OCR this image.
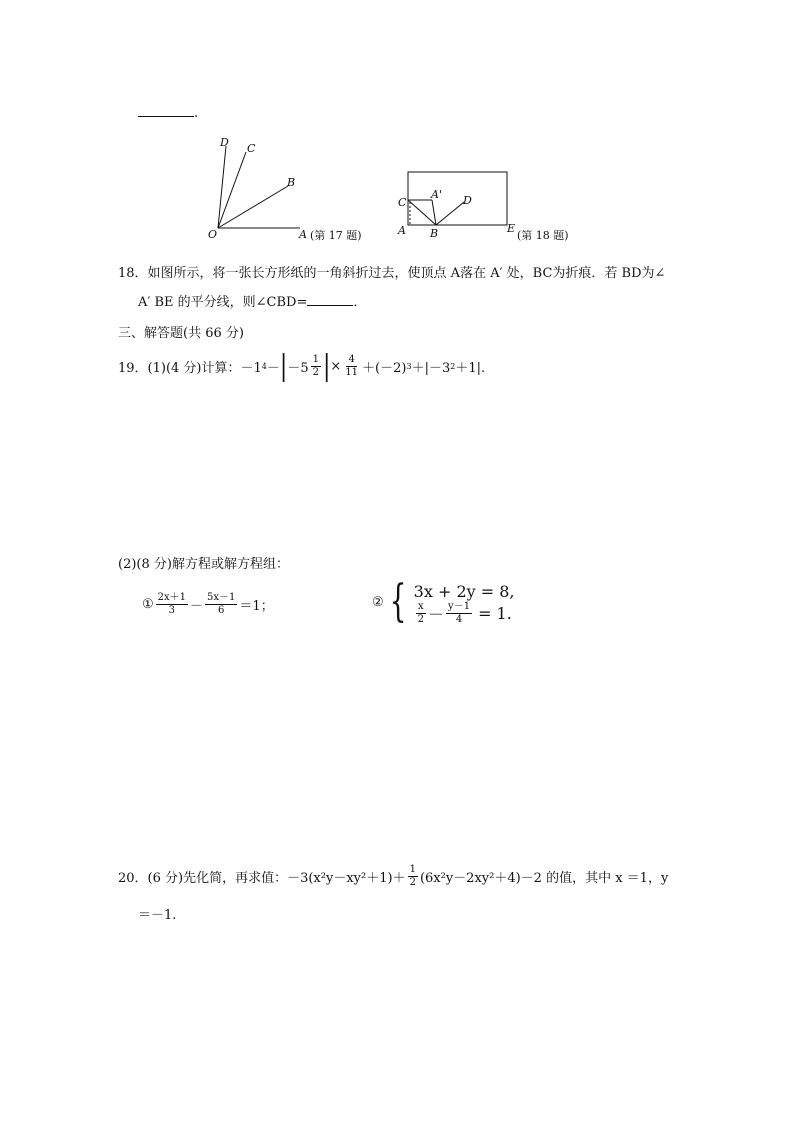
.
D C
B
O	A (第 17 题)
C
A' D
A B	E
(第 18 题)
18．如图所示，将一张长方形纸的一角斜折过去，使顶点 A落在 A′ 处，BC为折痕．若 BD为∠
A′ BE 的平分线，则∠CBD=	．
三、解答题(共 66 分)
19．(1)(4 分)计算： －1 4 － | $-5 \frac{1}{2}$ | × $\frac{4}{11} +(-2)$ 3 ＋|－3 2 ＋1|.
(2)(8 分)解方程或解方程组：
① $\frac{2x+1}{3} - \frac{5x-1}{6} =1$；	② { 3x + 2y = 8,
$\frac{x}{2} - \frac{y-1}{4} = 1$.
20．(6 分)先化简，再求值：$-3(x^2y-xy^2+1)+ \frac{1}{2} (6x^2y-2xy^2+4)-2$ 的值，其中 x ＝1，y
＝－1.
